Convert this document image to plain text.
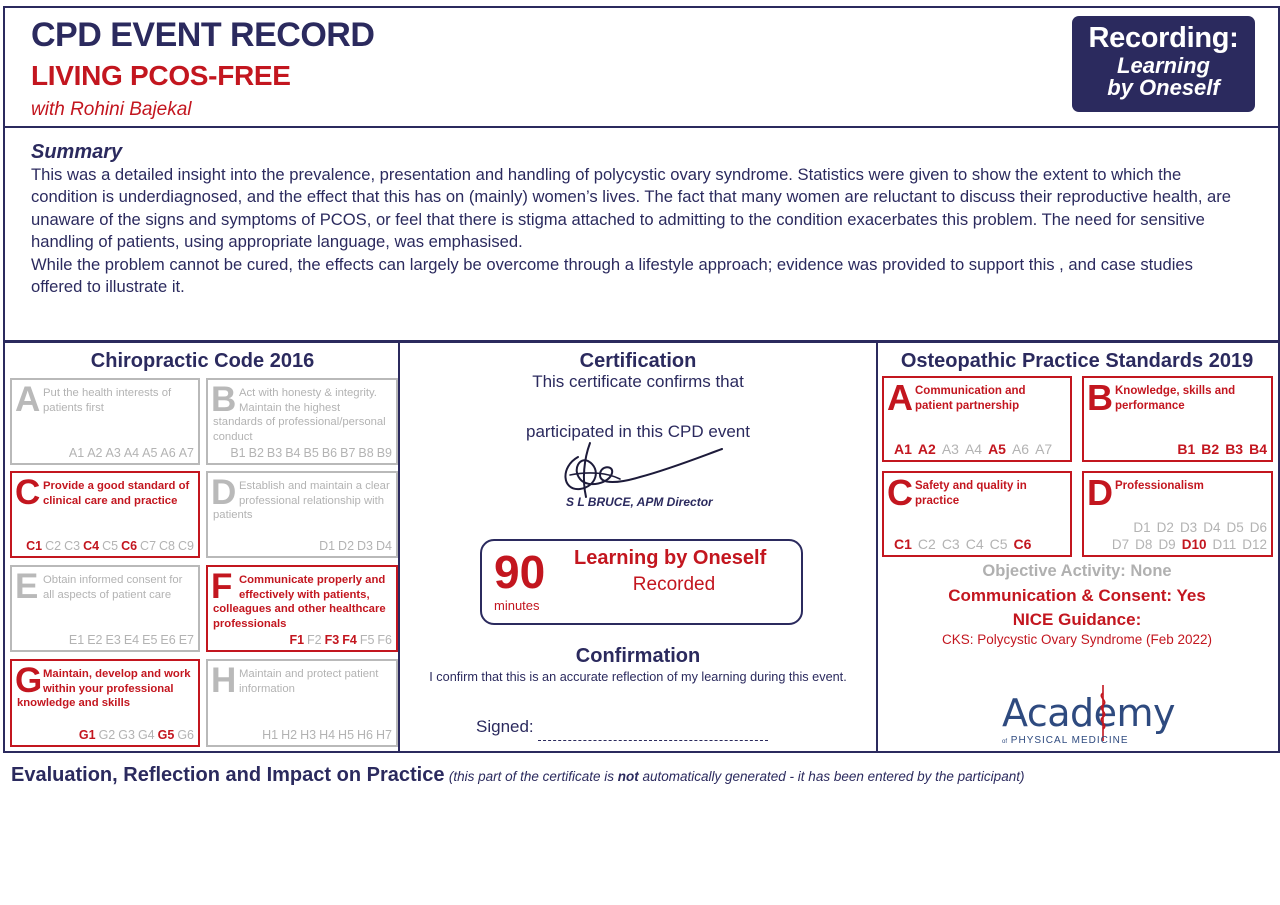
CPD EVENT RECORD
LIVING PCOS-FREE
with Rohini Bajekal
Recording:
Learning by Oneself
Summary

This was a detailed insight into the prevalence, presentation and handling of polycystic ovary syndrome. Statistics were given to show the extent to which the condition is underdiagnosed, and the effect that this has on (mainly) women’s lives. The fact that many women are reluctant to discuss their reproductive health, are unaware of the signs and symptoms of PCOS, or feel that there is stigma attached to admitting to the condition exacerbates this problem. The need for sensitive handling of patients, using appropriate language, was emphasised.

While the problem cannot be cured, the effects can largely be overcome through a lifestyle approach; evidence was provided to support this , and case studies offered to illustrate it.

Chiropractic Code 2016
A Put the health interests of patients first
A1 A2 A3 A4 A5 A6 A7
B Act with honesty & integrity. Maintain the highest standards of professional/personal conduct
B1 B2 B3 B4 B5 B6 B7 B8 B9
C Provide a good standard of clinical care and practice
C1 C2 C3 C4 C5 C6 C7 C8 C9
D Establish and maintain a clear professional relationship with patients
D1 D2 D3 D4
E Obtain informed consent for all aspects of patient care
E1 E2 E3 E4 E5 E6 E7
F Communicate properly and effectively with patients, colleagues and other healthcare professionals
F1 F2 F3 F4 F5 F6
G Maintain, develop and work within your professional knowledge and skills
G1 G2 G3 G4 G5 G6
H Maintain and protect patient information
H1 H2 H3 H4 H5 H6 H7
Certification
This certificate confirms that
participated in this CPD event
S L BRUCE, APM Director
90
minutes
Learning by Oneself
Recorded
Confirmation
I confirm that this is an accurate reflection of my learning during this event.
Signed:
Osteopathic Practice Standards 2019
A Communication and patient partnership
A1 A2 A3 A4 A5 A6 A7
B Knowledge, skills and performance
B1 B2 B3 B4
C Safety and quality in practice
C1 C2 C3 C4 C5 C6
D Professionalism
D1 D2 D3 D4 D5 D6
D7 D8 D9 D10 D11 D12
Objective Activity: None
Communication & Consent: Yes
NICE Guidance:
CKS: Polycystic Ovary Syndrome (Feb 2022)
Academy
of PHYSICAL MEDICINE
Evaluation, Reflection and Impact on Practice (this part of the certificate is not automatically generated - it has been entered by the participant)
